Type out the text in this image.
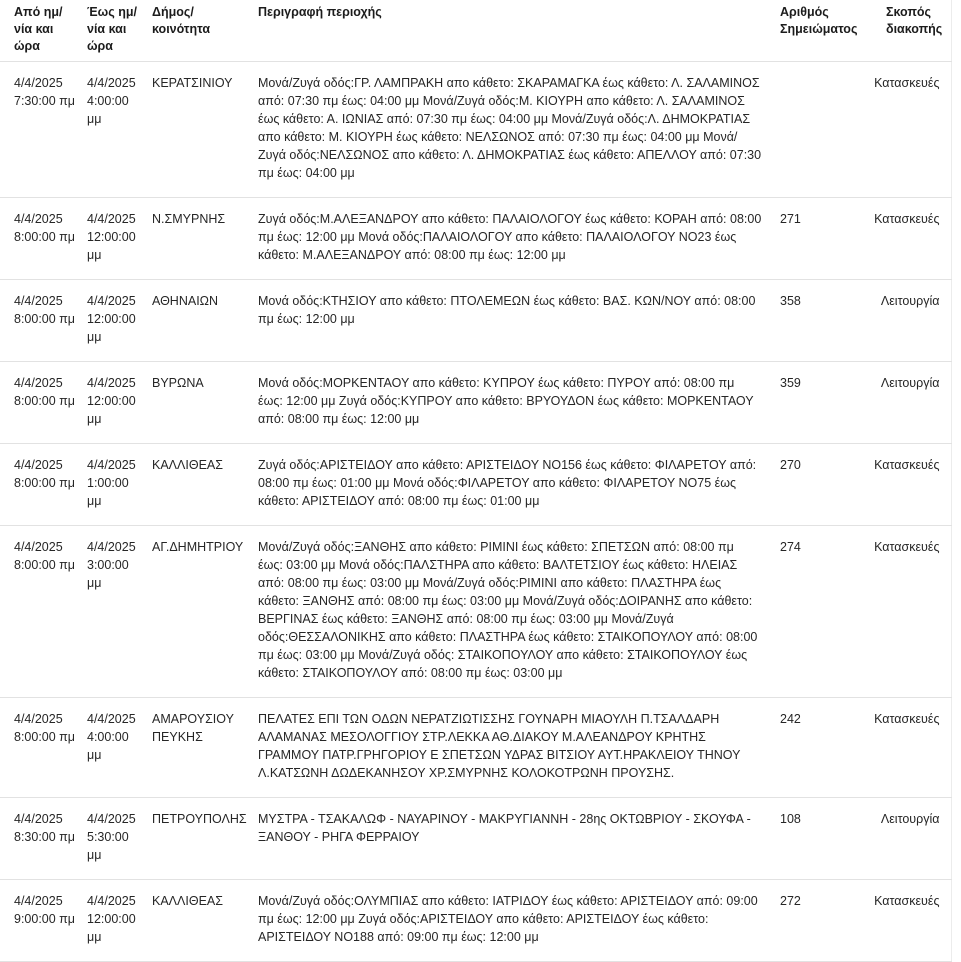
Από ημ/νία και ώρα	Έως ημ/νία και ώρα	Δήμος/κοινότητα	Περιγραφή περιοχής	Αριθμός Σημειώματος	Σκοπός διακοπής
4/4/2025 7:30:00 πμ	4/4/2025 4:00:00 μμ	ΚΕΡΑΤΣΙΝΙΟΥ	Μονά/Ζυγά οδός:ΓΡ. ΛΑΜΠΡΑΚΗ απο κάθετο: ΣΚΑΡΑΜΑΓΚΑ έως κάθετο: Λ. ΣΑΛΑΜΙΝΟΣ από: 07:30 πμ έως: 04:00 μμ Μονά/Ζυγά οδός:Μ. ΚΙΟΥΡΗ απο κάθετο: Λ. ΣΑΛΑΜΙΝΟΣ έως κάθετο: Α. ΙΩΝΙΑΣ από: 07:30 πμ έως: 04:00 μμ Μονά/Ζυγά οδός:Λ. ΔΗΜΟΚΡΑΤΙΑΣ απο κάθετο: Μ. ΚΙΟΥΡΗ έως κάθετο: ΝΕΛΣΩΝΟΣ από: 07:30 πμ έως: 04:00 μμ Μονά/Ζυγά οδός:ΝΕΛΣΩΝΟΣ απο κάθετο: Λ. ΔΗΜΟΚΡΑΤΙΑΣ έως κάθετο: ΑΠΕΛΛΟΥ από: 07:30 πμ έως: 04:00 μμ		Κατασκευές
4/4/2025 8:00:00 πμ	4/4/2025 12:00:00 μμ	Ν.ΣΜΥΡΝΗΣ	Ζυγά οδός:Μ.ΑΛΕΞΑΝΔΡΟΥ απο κάθετο: ΠΑΛΑΙΟΛΟΓΟΥ έως κάθετο: ΚΟΡΑΗ από: 08:00 πμ έως: 12:00 μμ Μονά οδός:ΠΑΛΑΙΟΛΟΓΟΥ απο κάθετο: ΠΑΛΑΙΟΛΟΓΟΥ ΝΟ23 έως κάθετο: Μ.ΑΛΕΞΑΝΔΡΟΥ από: 08:00 πμ έως: 12:00 μμ	271	Κατασκευές
4/4/2025 8:00:00 πμ	4/4/2025 12:00:00 μμ	ΑΘΗΝΑΙΩΝ	Μονά οδός:ΚΤΗΣΙΟΥ απο κάθετο: ΠΤΟΛΕΜΕΩΝ έως κάθετο: ΒΑΣ. ΚΩΝ/ΝΟΥ από: 08:00 πμ έως: 12:00 μμ	358	Λειτουργία
4/4/2025 8:00:00 πμ	4/4/2025 12:00:00 μμ	ΒΥΡΩΝΑ	Μονά οδός:ΜΟΡΚΕΝΤΑΟΥ απο κάθετο: ΚΥΠΡΟΥ έως κάθετο: ΠΥΡΟΥ από: 08:00 πμ έως: 12:00 μμ Ζυγά οδός:ΚΥΠΡΟΥ απο κάθετο: ΒΡΥΟΥΔΟΝ έως κάθετο: ΜΟΡΚΕΝΤΑΟΥ από: 08:00 πμ έως: 12:00 μμ	359	Λειτουργία
4/4/2025 8:00:00 πμ	4/4/2025 1:00:00 μμ	ΚΑΛΛΙΘΕΑΣ	Ζυγά οδός:ΑΡΙΣΤΕΙΔΟΥ απο κάθετο: ΑΡΙΣΤΕΙΔΟΥ ΝΟ156 έως κάθετο: ΦΙΛΑΡΕΤΟΥ από: 08:00 πμ έως: 01:00 μμ Μονά οδός:ΦΙΛΑΡΕΤΟΥ απο κάθετο: ΦΙΛΑΡΕΤΟΥ ΝΟ75 έως κάθετο: ΑΡΙΣΤΕΙΔΟΥ από: 08:00 πμ έως: 01:00 μμ	270	Κατασκευές
4/4/2025 8:00:00 πμ	4/4/2025 3:00:00 μμ	ΑΓ.ΔΗΜΗΤΡΙΟΥ	Μονά/Ζυγά οδός:ΞΑΝΘΗΣ απο κάθετο: ΡΙΜΙΝΙ έως κάθετο: ΣΠΕΤΣΩΝ από: 08:00 πμ έως: 03:00 μμ Μονά οδός:ΠΑΛΣΤΗΡΑ απο κάθετο: ΒΑΛΤΕΤΣΙΟΥ έως κάθετο: ΗΛΕΙΑΣ από: 08:00 πμ έως: 03:00 μμ Μονά/Ζυγά οδός:ΡΙΜΙΝΙ απο κάθετο: ΠΛΑΣΤΗΡΑ έως κάθετο: ΞΑΝΘΗΣ από: 08:00 πμ έως: 03:00 μμ Μονά/Ζυγά οδός:ΔΟΙΡΑΝΗΣ απο κάθετο: ΒΕΡΓΙΝΑΣ έως κάθετο: ΞΑΝΘΗΣ από: 08:00 πμ έως: 03:00 μμ Μονά/Ζυγά οδός:ΘΕΣΣΑΛΟΝΙΚΗΣ απο κάθετο: ΠΛΑΣΤΗΡΑ έως κάθετο: ΣΤΑΙΚΟΠΟΥΛΟΥ από: 08:00 πμ έως: 03:00 μμ Μονά/Ζυγά οδός: ΣΤΑΙΚΟΠΟΥΛΟΥ απο κάθετο: ΣΤΑΙΚΟΠΟΥΛΟΥ έως κάθετο: ΣΤΑΙΚΟΠΟΥΛΟΥ από: 08:00 πμ έως: 03:00 μμ	274	Κατασκευές
4/4/2025 8:00:00 πμ	4/4/2025 4:00:00 μμ	ΑΜΑΡΟΥΣΙΟΥ ΠΕΥΚΗΣ	ΠΕΛΑΤΕΣ ΕΠΙ ΤΩΝ ΟΔΩΝ ΝΕΡΑΤΖΙΩΤΙΣΣΗΣ ΓΟΥΝΑΡΗ ΜΙΑΟΥΛΗ Π.ΤΣΑΛΔΑΡΗ ΑΛΑΜΑΝΑΣ ΜΕΣΟΛΟΓΓΙΟΥ ΣΤΡ.ΛΕΚΚΑ ΑΘ.ΔΙΑΚΟΥ Μ.ΑΛΕΑΝΔΡΟΥ ΚΡΗΤΗΣ ΓΡΑΜΜΟΥ ΠΑΤΡ.ΓΡΗΓΟΡΙΟΥ Ε ΣΠΕΤΣΩΝ ΥΔΡΑΣ ΒΙΤΣΙΟΥ ΑΥΤ.ΗΡΑΚΛΕΙΟΥ ΤΗΝΟΥ Λ.ΚΑΤΣΩΝΗ ΔΩΔΕΚΑΝΗΣΟΥ ΧΡ.ΣΜΥΡΝΗΣ ΚΟΛΟΚΟΤΡΩΝΗ ΠΡΟΥΣΗΣ.	242	Κατασκευές
4/4/2025 8:30:00 πμ	4/4/2025 5:30:00 μμ	ΠΕΤΡΟΥΠΟΛΗΣ	ΜΥΣΤΡΑ - ΤΣΑΚΑΛΩΦ - ΝΑΥΑΡΙΝΟΥ - ΜΑΚΡΥΓΙΑΝΝΗ - 28ης ΟΚΤΩΒΡΙΟΥ - ΣΚΟΥΦΑ - ΞΑΝΘΟΥ - ΡΗΓΑ ΦΕΡΡΑΙΟΥ	108	Λειτουργία
4/4/2025 9:00:00 πμ	4/4/2025 12:00:00 μμ	ΚΑΛΛΙΘΕΑΣ	Μονά/Ζυγά οδός:ΟΛΥΜΠΙΑΣ απο κάθετο: ΙΑΤΡΙΔΟΥ έως κάθετο: ΑΡΙΣΤΕΙΔΟΥ από: 09:00 πμ έως: 12:00 μμ Ζυγά οδός:ΑΡΙΣΤΕΙΔΟΥ απο κάθετο: ΑΡΙΣΤΕΙΔΟΥ έως κάθετο: ΑΡΙΣΤΕΙΔΟΥ ΝΟ188 από: 09:00 πμ έως: 12:00 μμ	272	Κατασκευές
